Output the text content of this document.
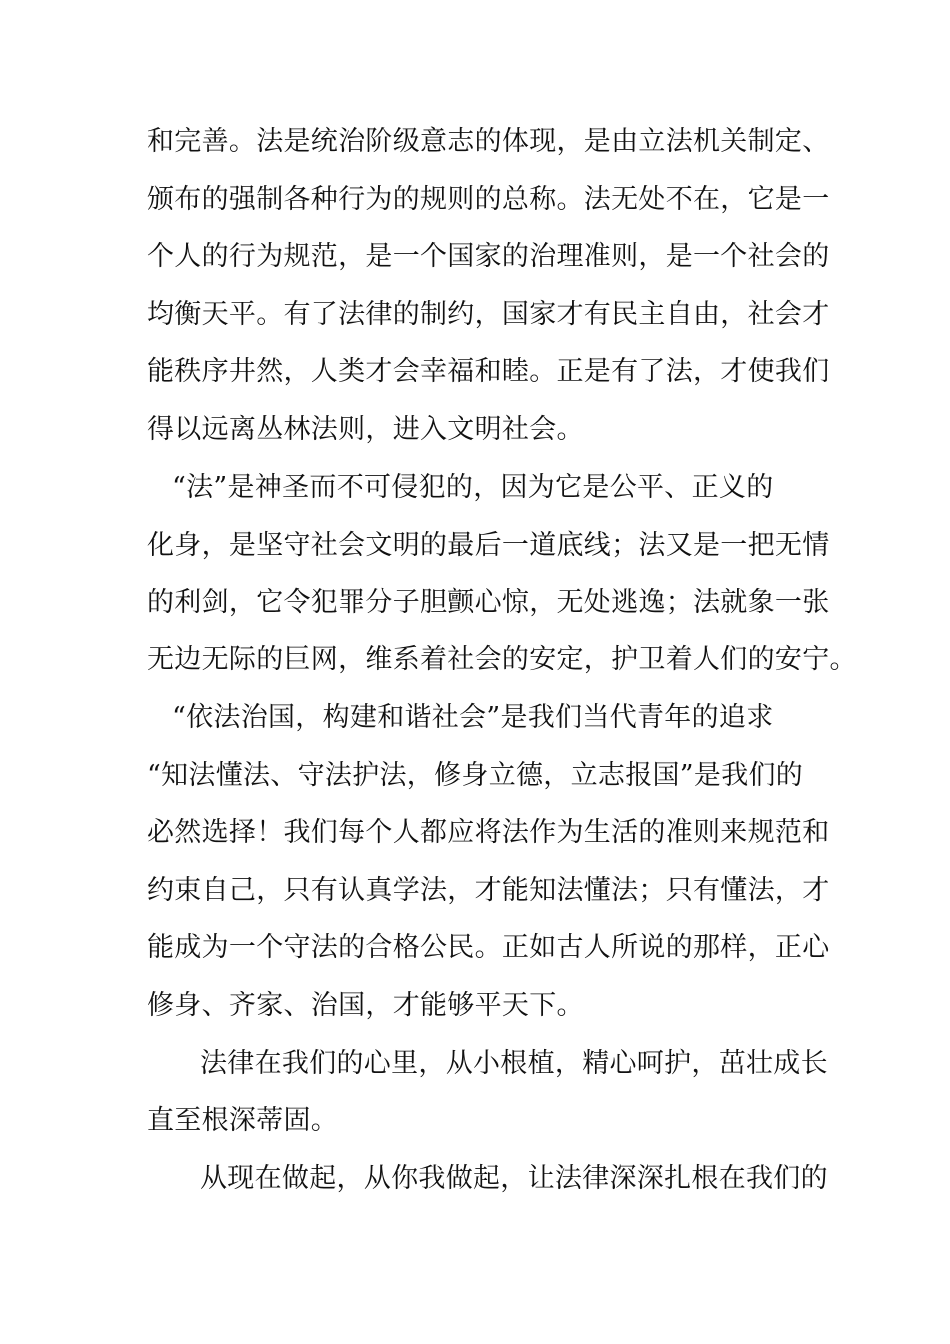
和完善。法是统治阶级意志的体现，是由立法机关制定、
颁布的强制各种行为的规则的总称。法无处不在，它是一
个人的行为规范，是一个国家的治理准则，是一个社会的
均衡天平。有了法律的制约，国家才有民主自由，社会才
能秩序井然，人类才会幸福和睦。正是有了法，才使我们
得以远离丛林法则，进入文明社会。
“法”是神圣而不可侵犯的，因为它是公平、正义的
化身，是坚守社会文明的最后一道底线；法又是一把无情
的利剑，它令犯罪分子胆颤心惊，无处逃逸；法就象一张
无边无际的巨网，维系着社会的安定，护卫着人们的安宁。
“依法治国，构建和谐社会”是我们当代青年的追求
“知法懂法、守法护法，修身立德，立志报国”是我们的
必然选择！我们每个人都应将法作为生活的准则来规范和
约束自己，只有认真学法，才能知法懂法；只有懂法，才
能成为一个守法的合格公民。正如古人所说的那样，正心
修身、齐家、治国，才能够平天下。
法律在我们的心里，从小根植，精心呵护，茁壮成长
直至根深蒂固。
从现在做起，从你我做起，让法律深深扎根在我们的
